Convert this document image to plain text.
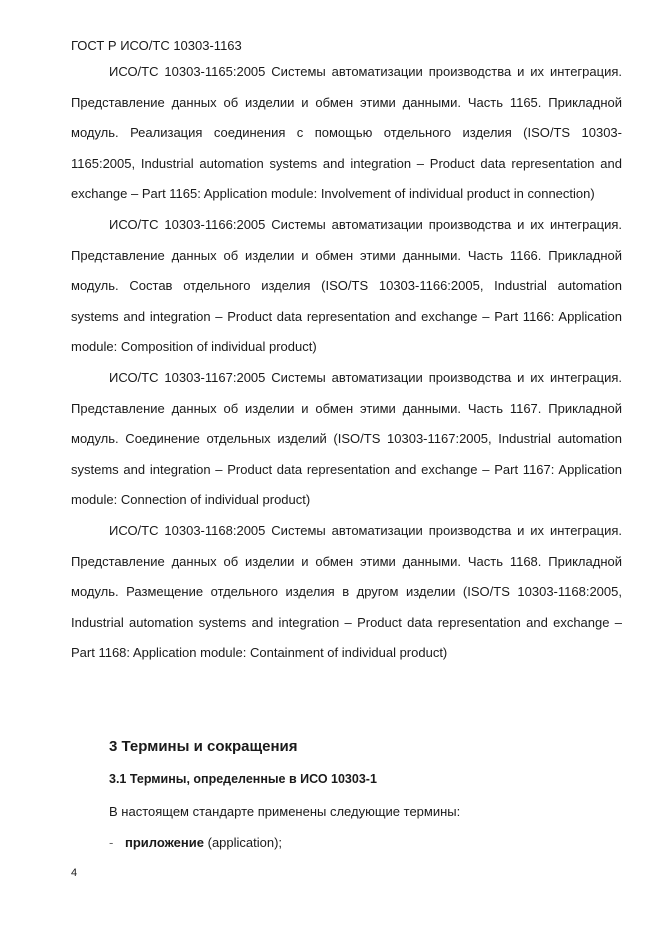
ГОСТ Р ИСО/ТС 10303-1163

ИСО/ТС 10303-1165:2005 Системы автоматизации производства и их интеграция. Представление данных об изделии и обмен этими данными. Часть 1165. Прикладной модуль. Реализация соединения с помощью отдельного изделия (ISO/TS 10303-1165:2005, Industrial automation systems and integration – Product data representation and exchange – Part 1165: Application module: Involvement of individual product in connection)

ИСО/ТС 10303-1166:2005 Системы автоматизации производства и их интеграция. Представление данных об изделии и обмен этими данными. Часть 1166. Прикладной модуль. Состав отдельного изделия (ISO/TS 10303-1166:2005, Industrial automation systems and integration – Product data representation and exchange – Part 1166: Application module: Composition of individual product)

ИСО/ТС 10303-1167:2005 Системы автоматизации производства и их интеграция. Представление данных об изделии и обмен этими данными. Часть 1167. Прикладной модуль. Соединение отдельных изделий (ISO/TS 10303-1167:2005, Industrial automation systems and integration – Product data representation and exchange – Part 1167: Application module: Connection of individual product)

ИСО/ТС 10303-1168:2005 Системы автоматизации производства и их интеграция. Представление данных об изделии и обмен этими данными. Часть 1168. Прикладной модуль. Размещение отдельного изделия в другом изделии (ISO/TS 10303-1168:2005, Industrial automation systems and integration – Product data representation and exchange – Part 1168: Application module: Containment of individual product)

3 Термины и сокращения
3.1 Термины, определенные в ИСО 10303-1
В настоящем стандарте применены следующие термины:
- приложение (application);
4
